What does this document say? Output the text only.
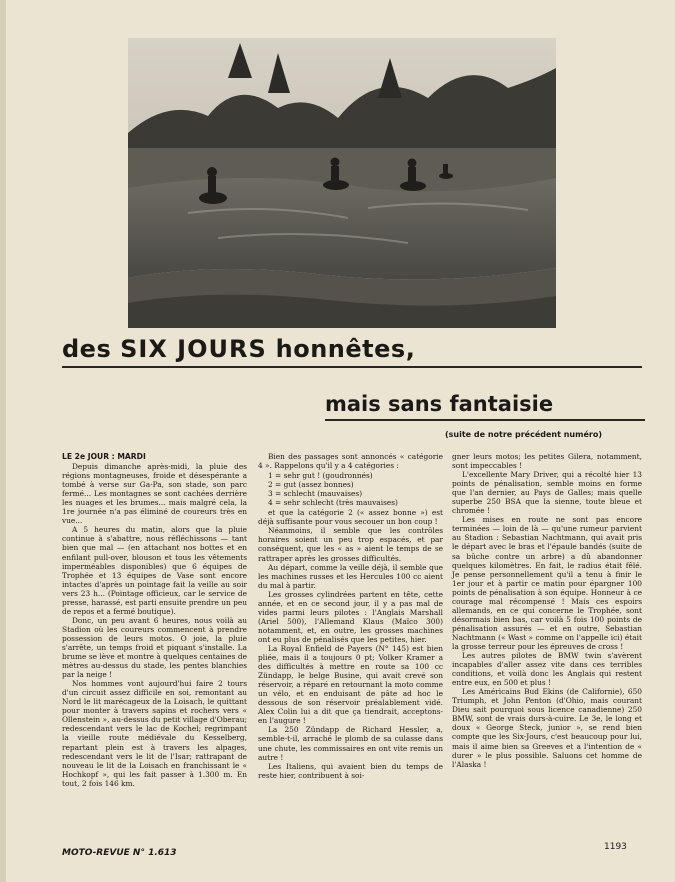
des SIX JOURS honnêtes,
mais sans fantaisie
(suite de notre précédent numéro)

LE 2e JOUR : MARDI

Depuis dimanche après-midi, la pluie des régions montagneuses, froide et désespérante a tombé à verse sur Ga-Pa, son stade, son parc fermé... Les montagnes se sont cachées derrière les nuages et les brumes... mais malgré cela, la 1re journée n'a pas éliminé de coureurs très en vue...

A 5 heures du matin, alors que la pluie continue à s'abattre, nous réfléchissons — tant bien que mal — (en attachant nos bottes et en enfilant pull-over, blouson et tous les vêtements imperméables disponibles) que 6 équipes de Trophée et 13 équipes de Vase sont encore intactes d'après un pointage fait la veille au soir vers 23 h... (Pointage officieux, car le service de presse, harassé, est parti ensuite prendre un peu de repos et a fermé boutique).

Donc, un peu avant 6 heures, nous voilà au Stadion où les coureurs commencent à prendre possession de leurs motos. O joie, la pluie s'arrête, un temps froid et piquant s'installe. La brume se lève et montre à quelques centaines de mètres au-dessus du stade, les pentes blanchies par la neige !

Nos hommes vont aujourd'hui faire 2 tours d'un circuit assez difficile en soi, remontant au Nord le lit marécageux de la Loisach, le quittant pour monter à travers sapins et rochers vers « Ollenstein », au-dessus du petit village d'Oberau; redescendant vers le lac de Kochel; regrimpant la vieille route médiévale du Kesselberg, repartant plein est à travers les alpages, redescendant vers le lit de l'Isar; rattrapant de nouveau le lit de la Loisach en franchissant le « Hochkopf », qui les fait passer à 1.300 m. En tout, 2 fois 146 km.

Bien des passages sont annoncés « catégorie 4 ». Rappelons qu'il y a 4 catégories :

1 = sehr gut ! (goudronnés)
2 = gut (assez bonnes)
3 = schlecht (mauvaises)
4 = sehr schlecht (très mauvaises)

et que la catégorie 2 (« assez bonne ») est déjà suffisante pour vous secouer un bon coup !

Néanmoins, il semble que les contrôles horaires soient un peu trop espacés, et par conséquent, que les « as » aient le temps de se rattraper après les grosses difficultés.

Au départ, comme la veille déjà, il semble que les machines russes et les Hercules 100 cc aient du mal à partir.

Les grosses cylindrées partent en tête, cette année, et en ce second jour, il y a pas mal de vides parmi leurs pilotes : l'Anglais Marshall (Ariel 500), l'Allemand Klaus (Maïco 300) notamment, et, en outre, les grosses machines ont eu plus de pénalisés que les petites, hier.

La Royal Enfield de Payers (N° 145) est bien pliée, mais il a toujours 0 pt; Volker Kramer a des difficultés à mettre en route sa 100 cc Zündapp, le belge Busine, qui avait crevé son réservoir, a réparé en retournant la moto comme un vélo, et en enduisant de pâte ad hoc le dessous de son réservoir préalablement vidé. Alex Colin lui a dit que ça tiendrait, acceptons-en l'augure !

La 250 Zündapp de Richard Hessler, a, semble-t-il, arraché le plomb de sa culasse dans une chute, les commissaires en ont vite remis un autre !

Les Italiens, qui avaient bien du temps de reste hier, contribuent à soi-

gner leurs motos; les petites Gilera, notamment, sont impeccables !

L'excellente Mary Driver, qui a récolté hier 13 points de pénalisation, semble moins en forme que l'an dernier, au Pays de Galles; mais quelle superbe 250 BSA que la sienne, toute bleue et chromée !

Les mises en route ne sont pas encore terminées — loin de là — qu'une rumeur parvient au Stadion : Sebastian Nachtmann, qui avait pris le départ avec le bras et l'épaule bandés (suite de sa bûche contre un arbre) a dû abandonner quelques kilomètres. En fait, le radius était fêlé. Je pense personnellement qu'il a tenu à finir le 1er jour et à partir ce matin pour épargner 100 points de pénalisation à son équipe. Honneur à ce courage mal récompensé ! Mais ces espoirs allemands, en ce qui concerne le Trophée, sont désormais bien bas, car voilà 5 fois 100 points de pénalisation assurés — et en outre, Sebastian Nachtmann (« Wast » comme on l'appelle ici) était la grosse terreur pour les épreuves de cross !

Les autres pilotes de BMW twin s'avèrent incapables d'aller assez vite dans ces terribles conditions, et voilà donc les Anglais qui restent entre eux, en 500 et plus !

Les Américains Bud Ekins (de Californie), 650 Triumph, et John Penton (d'Ohio, mais courant Dieu sait pourquoi sous licence canadienne) 250 BMW, sont de vrais durs-à-cuire. Le 3e, le long et doux « George Steck, junior », se rend bien compte que les Six-Jours, c'est beaucoup pour lui, mais il aime bien sa Greeves et a l'intention de « durer » le plus possible. Saluons cet homme de l'Alaska !

MOTO-REVUE N° 1.613
1193
